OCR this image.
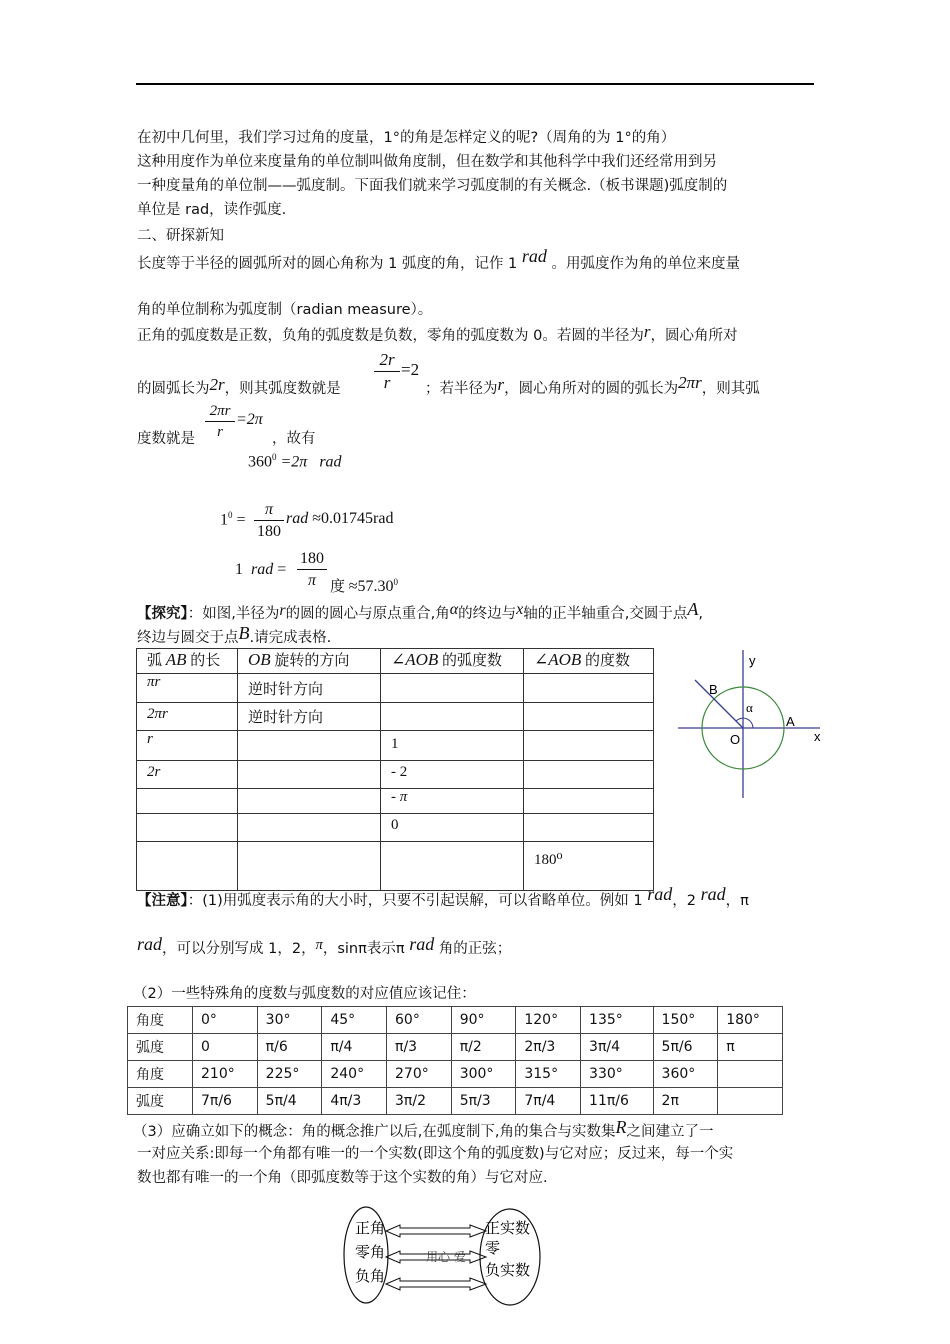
在初中几何里，我们学习过角的度量，1°的角是怎样定义的呢?（周角的为 1°的角）
这种用度作为单位来度量角的单位制叫做角度制，但在数学和其他科学中我们还经常用到另
一种度量角的单位制——弧度制。下面我们就来学习弧度制的有关概念.（板书课题)弧度制的
单位是 rad，读作弧度.
二、研探新知
长度等于半径的圆弧所对的圆心角称为 1 弧度的角，记作 1 rad 。用弧度作为角的单位来度量
角的单位制称为弧度制（radian measure）。
正角的弧度数是正数，负角的弧度数是负数，零角的弧度数为 0。若圆的半径为r，圆心角所对
的圆弧长为2r，则其弧度数就是 $\frac{2r}{r} =2$
；若半径为r，圆心角所对的圆的弧长为2πr，则其弧
度数就是 $\frac{2\pi r}{r} =2\pi$
，故有
$360^0 =2\pi$ rad
$1^0 = \frac{\pi}{180}$ rad ≈0.01745rad
1 rad = $\frac{180}{\pi}$ 度 $\approx 57.30^0$
【探究】：如图,半径为r的圆的圆心与原点重合,角α的终边与x轴的正半轴重合,交圆于点A,
终边与圆交于点B.请完成表格.
弧 AB 的长	OB 旋转的方向	∠AOB 的弧度数	∠AOB 的度数
πr	逆时针方向		
2πr	逆时针方向		
r		1	
2r		- 2	
		- π	
		0	
			180⁰
y
x
O
A
B
α
【注意】：(1)用弧度表示角的大小时，只要不引起误解，可以省略单位。例如 1 rad，2 rad，π
rad，可以分别写成 1，2，π，sinπ表示π rad 角的正弦；
（2）一些特殊角的度数与弧度数的对应值应该记住：
角度	0°	30°	45°	60°	90°	120°	135°	150°	180°
弧度	0	π/6	π/4	π/3	π/2	2π/3	3π/4	5π/6	π
角度	210°	225°	240°	270°	300°	315°	330°	360°	
弧度	7π/6	5π/4	4π/3	3π/2	5π/3	7π/4	11π/6	2π	
（3）应确立如下的概念：角的概念推广以后,在弧度制下,角的集合与实数集R之间建立了一
一对应关系:即每一个角都有唯一的一个实数(即这个角的弧度数)与它对应；反过来，每一个实
数也都有唯一的一个角（即弧度数等于这个实数的角）与它对应.
正角
零角
负角
正实数
零
负实数
用心 爱
